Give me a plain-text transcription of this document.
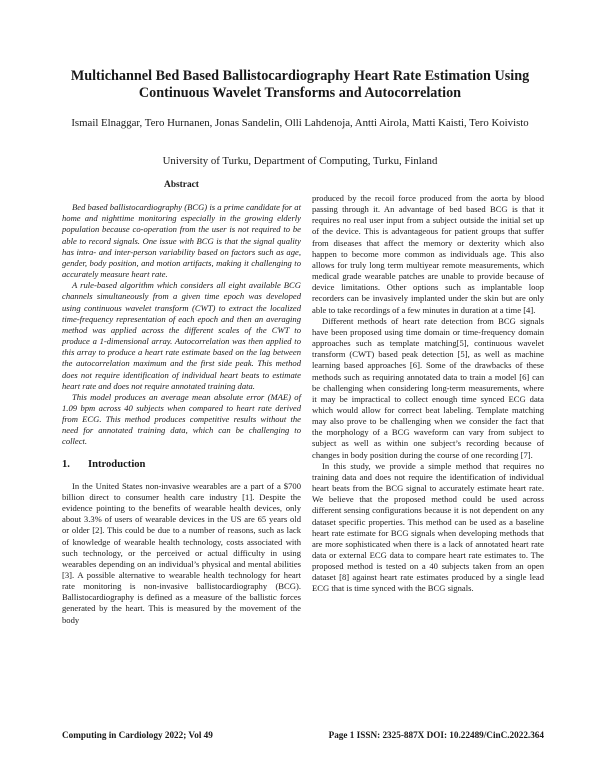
Multichannel Bed Based Ballistocardiography Heart Rate Estimation Using
Continuous Wavelet Transforms and Autocorrelation
Ismail Elnaggar, Tero Hurnanen, Jonas Sandelin, Olli Lahdenoja, Antti Airola, Matti Kaisti, Tero Koivisto
University of Turku, Department of Computing, Turku, Finland
Abstract

Bed based ballistocardiography (BCG) is a prime candidate for at home and nighttime monitoring especially in the growing elderly population because co-operation from the user is not required to be able to record signals. One issue with BCG is that the signal quality has intra- and inter-person variability based on factors such as age, gender, body position, and motion artifacts, making it challenging to accurately measure heart rate.

A rule-based algorithm which considers all eight available BCG channels simultaneously from a given time epoch was developed using continuous wavelet transform (CWT) to extract the localized time-frequency representation of each epoch and then an averaging method was applied across the different scales of the CWT to produce a 1-dimensional array. Autocorrelation was then applied to this array to produce a heart rate estimate based on the lag between the autocorrelation maximum and the first side peak. This method does not require identification of individual heart beats to estimate heart rate and does not require annotated training data.

This model produces an average mean absolute error (MAE) of 1.09 bpm across 40 subjects when compared to heart rate derived from ECG. This method produces competitive results without the need for annotated training data, which can be challenging to collect.

1. Introduction

In the United States non-invasive wearables are a part of a $700 billion direct to consumer health care industry [1]. Despite the evidence pointing to the benefits of wearable health devices, only about 3.3% of users of wearable devices in the US are 65 years old or older [2]. This could be due to a number of reasons, such as lack of knowledge of wearable health technology, costs associated with such technology, or the perceived or actual difficulty in using wearables depending on an individual’s physical and mental abilities [3]. A possible alternative to wearable health technology for heart rate monitoring is non-invasive ballistocardiography (BCG). Ballistocardiography is defined as a measure of the ballistic forces generated by the heart. This is measured by the movement of the body

produced by the recoil force produced from the aorta by blood passing through it. An advantage of bed based BCG is that it requires no real user input from a subject outside the initial set up of the device. This is advantageous for patient groups that suffer from diseases that affect the memory or dexterity which also happen to become more common as individuals age. This also allows for truly long term multiyear remote measurements, which medical grade wearable patches are unable to provide because of device limitations. Other options such as implantable loop recorders can be invasively implanted under the skin but are only able to take recordings of a few minutes in duration at a time [4].

Different methods of heart rate detection from BCG signals have been proposed using time domain or time-frequency domain approaches such as template matching[5], continuous wavelet transform (CWT) based peak detection [5], as well as machine learning based approaches [6]. Some of the drawbacks of these methods such as requiring annotated data to train a model [6] can be challenging when considering long-term measurements, where it may be impractical to collect enough time synced ECG data which would allow for correct beat labeling. Template matching may also prove to be challenging when we consider the fact that the morphology of a BCG waveform can vary from subject to subject as well as within one subject’s recording because of changes in body position during the course of one recording [7].

In this study, we provide a simple method that requires no training data and does not require the identification of individual heart beats from the BCG signal to accurately estimate heart rate. We believe that the proposed method could be used across different sensing configurations because it is not dependent on any dataset specific properties. This method can be used as a baseline heart rate estimate for BCG signals when developing methods that are more sophisticated when there is a lack of annotated heart rate data or external ECG data to compare heart rate estimates to. The proposed method is tested on a 40 subjects taken from an open dataset [8] against heart rate estimates produced by a single lead ECG that is time synced with the BCG signals.

Computing in Cardiology 2022; Vol 49	Page 1 ISSN: 2325-887X DOI: 10.22489/CinC.2022.364
